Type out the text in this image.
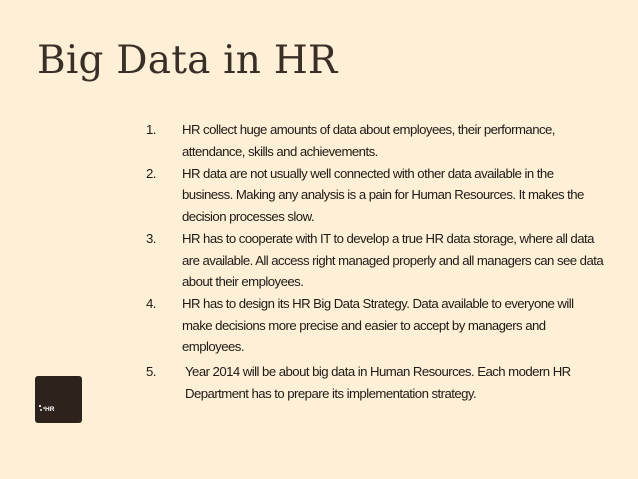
Big Data in HR
1. HR collect huge amounts of data about employees, their performance, attendance, skills and achievements.
2. HR data are not usually well connected with other data available in the business. Making any analysis is a pain for Human Resources. It makes the decision processes slow.
3. HR has to cooperate with IT to develop a true HR data storage, where all data are available. All access right managed properly and all managers can see data about their employees.
4. HR has to design its HR Big Data Strategy. Data available to everyone will make decisions more precise and easier to accept by managers and employees.
5. Year 2014 will be about big data in Human Resources. Each modern HR Department has to prepare its implementation strategy.
HR
